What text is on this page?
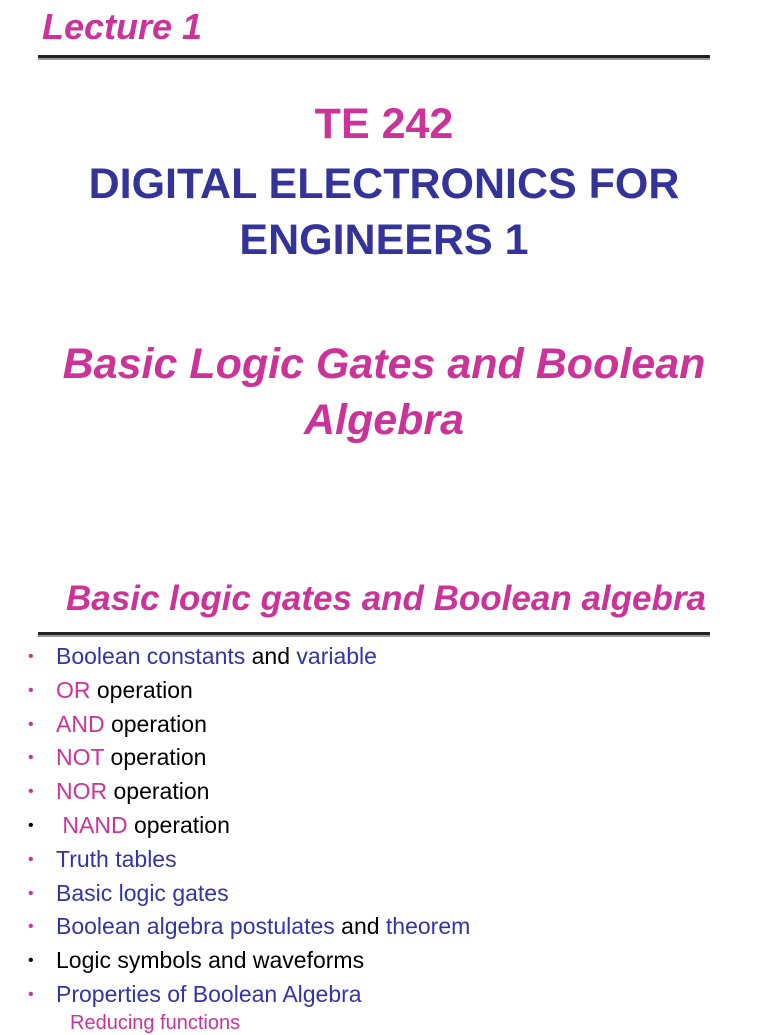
Lecture 1
TE 242
DIGITAL ELECTRONICS FOR
ENGINEERS 1
Basic Logic Gates and Boolean
Algebra
Basic logic gates and Boolean algebra
• Boolean constants and variable
• OR operation
• AND operation
• NOT operation
• NOR operation
• NAND operation
• Truth tables
• Basic logic gates
• Boolean algebra postulates and theorem
• Logic symbols and waveforms
• Properties of Boolean Algebra
Reducing functions
